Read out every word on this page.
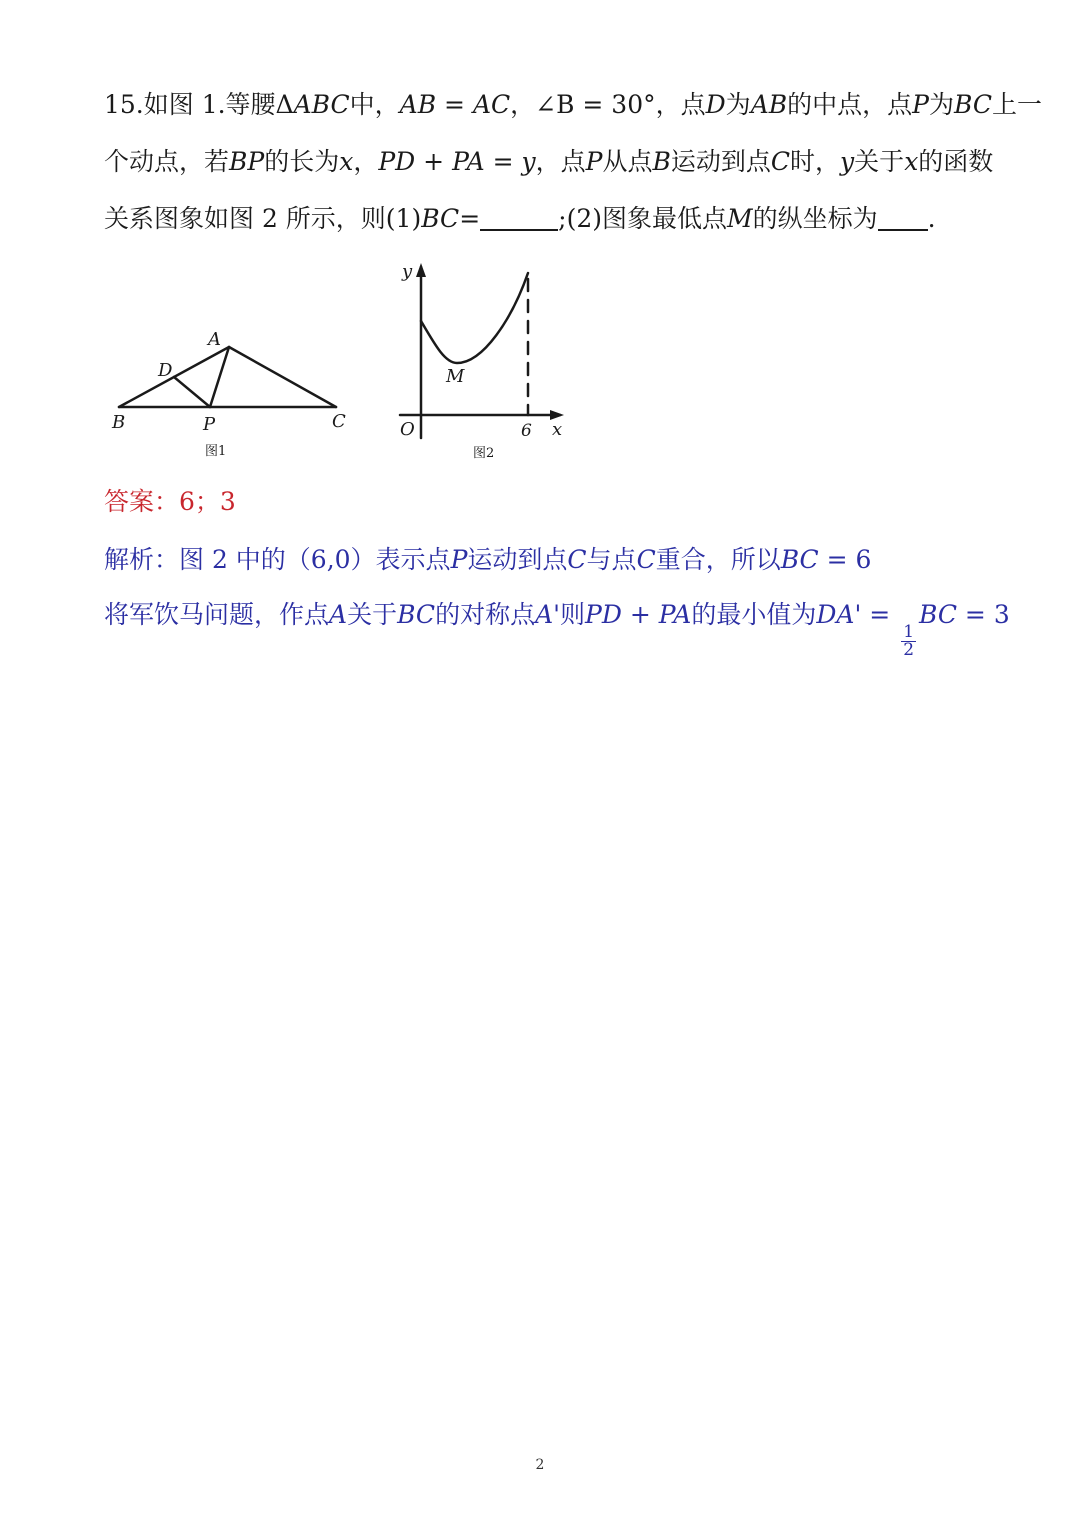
15.如图 1.等腰ΔABC中，AB = AC，∠B = 30°，点D为AB的中点，点P为BC上一
个动点，若BP的长为x，PD + PA = y，点P从点B运动到点C时，y关于x的函数
关系图象如图 2 所示，则(1)BC=	;(2)图象最低点M的纵坐标为 .
A
D
B	P	C
图1
y
x
O	6
M
图2
答案：6；3
解析：图 2 中的（6,0）表示点P运动到点C与点C重合，所以BC = 6
将军饮马问题，作点A关于BC的对称点A'则PD + PA的最小值为DA' =
$\frac{1}{2}$
BC = 3
2
